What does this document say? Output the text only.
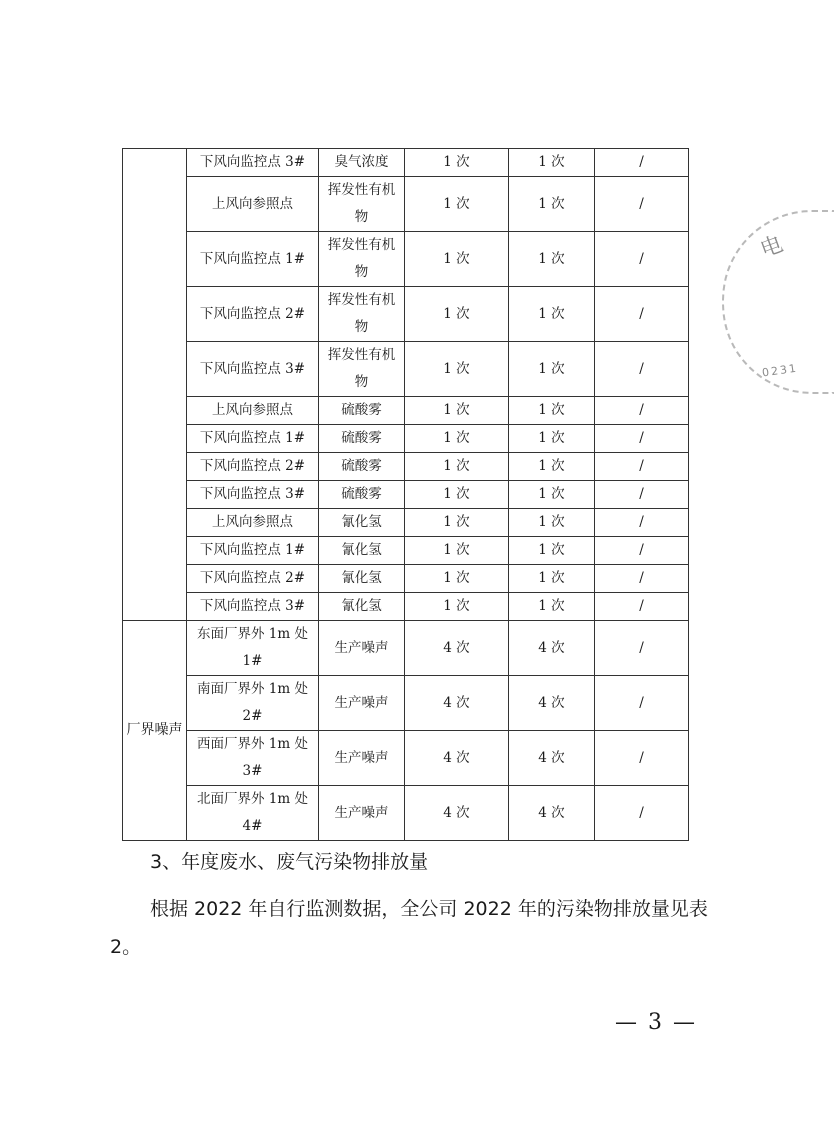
	下风向监控点 3#	臭气浓度	1 次	1 次	/
	上风向参照点	挥发性有机物	1 次	1 次	/
	下风向监控点 1#	挥发性有机物	1 次	1 次	/
	下风向监控点 2#	挥发性有机物	1 次	1 次	/
	下风向监控点 3#	挥发性有机物	1 次	1 次	/
	上风向参照点	硫酸雾	1 次	1 次	/
	下风向监控点 1#	硫酸雾	1 次	1 次	/
	下风向监控点 2#	硫酸雾	1 次	1 次	/
	下风向监控点 3#	硫酸雾	1 次	1 次	/
	上风向参照点	氰化氢	1 次	1 次	/
	下风向监控点 1#	氰化氢	1 次	1 次	/
	下风向监控点 2#	氰化氢	1 次	1 次	/
	下风向监控点 3#	氰化氢	1 次	1 次	/
厂界噪声	东面厂界外 1m 处 1#	生产噪声	4 次	4 次	/
	南面厂界外 1m 处 2#	生产噪声	4 次	4 次	/
	西面厂界外 1m 处 3#	生产噪声	4 次	4 次	/
	北面厂界外 1m 处 4#	生产噪声	4 次	4 次	/
3、年度废水、废气污染物排放量

根据 2022 年自行监测数据，全公司 2022 年的污染物排放量见表 2。

— 3 —
电
0231
